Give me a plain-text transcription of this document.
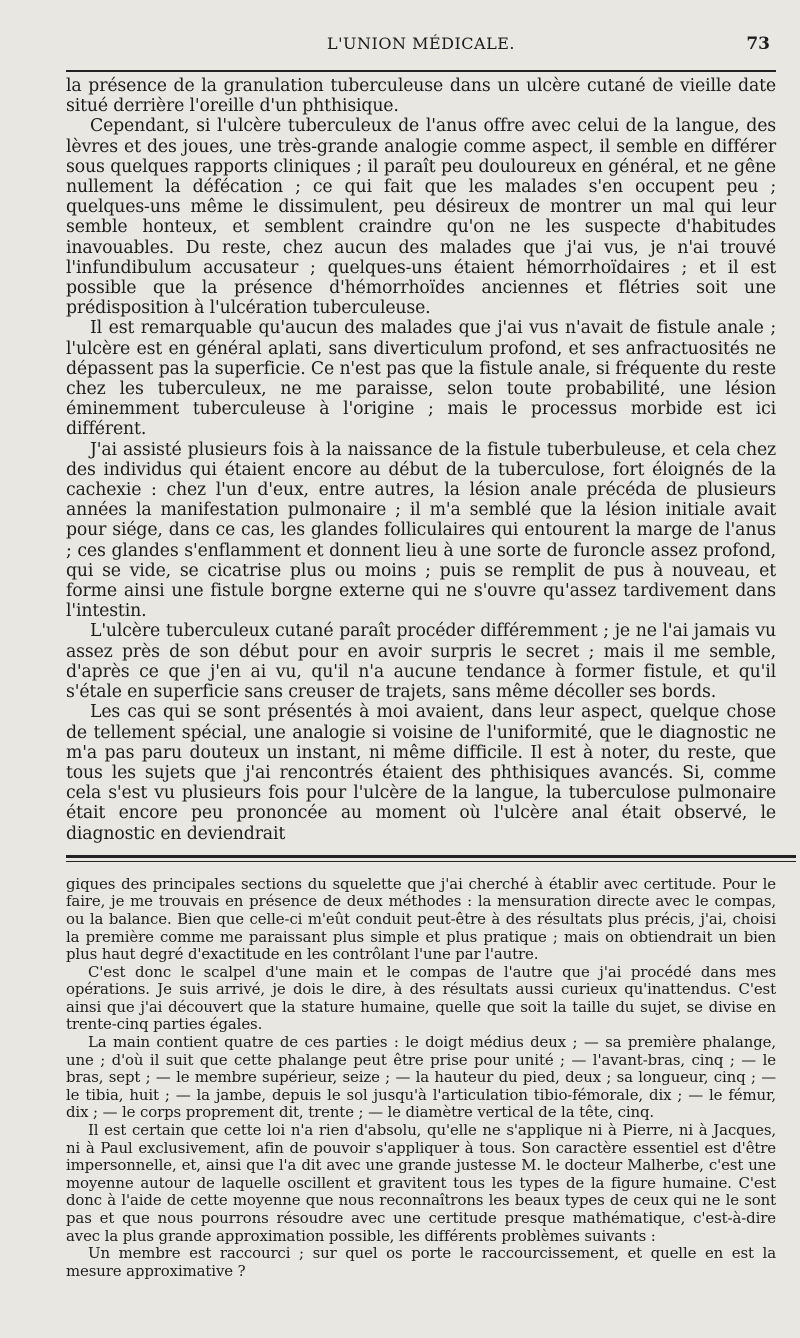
L'UNION MÉDICALE.	73

la présence de la granulation tuberculeuse dans un ulcère cutané de vieille date situé derrière l'oreille d'un phthisique.

Cependant, si l'ulcère tuberculeux de l'anus offre avec celui de la langue, des lèvres et des joues, une très-grande analogie comme aspect, il semble en différer sous quelques rapports cliniques ; il paraît peu douloureux en général, et ne gêne nullement la défécation ; ce qui fait que les malades s'en occupent peu ; quelques-uns même le dissimulent, peu désireux de montrer un mal qui leur semble honteux, et semblent craindre qu'on ne les suspecte d'habitudes inavouables. Du reste, chez aucun des malades que j'ai vus, je n'ai trouvé l'infundibulum accusateur ; quelques-uns étaient hémorrhoïdaires ; et il est possible que la présence d'hémorrhoïdes anciennes et flétries soit une prédisposition à l'ulcération tuberculeuse.

Il est remarquable qu'aucun des malades que j'ai vus n'avait de fistule anale ; l'ulcère est en général aplati, sans diverticulum profond, et ses anfractuosités ne dépassent pas la superficie. Ce n'est pas que la fistule anale, si fréquente du reste chez les tuberculeux, ne me paraisse, selon toute probabilité, une lésion éminemment tuberculeuse à l'origine ; mais le processus morbide est ici différent.

J'ai assisté plusieurs fois à la naissance de la fistule tuberbuleuse, et cela chez des individus qui étaient encore au début de la tuberculose, fort éloignés de la cachexie : chez l'un d'eux, entre autres, la lésion anale précéda de plusieurs années la manifestation pulmonaire ; il m'a semblé que la lésion initiale avait pour siége, dans ce cas, les glandes folliculaires qui entourent la marge de l'anus ; ces glandes s'enflamment et donnent lieu à une sorte de furoncle assez profond, qui se vide, se cicatrise plus ou moins ; puis se remplit de pus à nouveau, et forme ainsi une fistule borgne externe qui ne s'ouvre qu'assez tardivement dans l'intestin.

L'ulcère tuberculeux cutané paraît procéder différemment ; je ne l'ai jamais vu assez près de son début pour en avoir surpris le secret ; mais il me semble, d'après ce que j'en ai vu, qu'il n'a aucune tendance à former fistule, et qu'il s'étale en superficie sans creuser de trajets, sans même décoller ses bords.

Les cas qui se sont présentés à moi avaient, dans leur aspect, quelque chose de tellement spécial, une analogie si voisine de l'uniformité, que le diagnostic ne m'a pas paru douteux un instant, ni même difficile. Il est à noter, du reste, que tous les sujets que j'ai rencontrés étaient des phthisiques avancés. Si, comme cela s'est vu plusieurs fois pour l'ulcère de la langue, la tuberculose pulmonaire était encore peu prononcée au moment où l'ulcère anal était observé, le diagnostic en deviendrait

giques des principales sections du squelette que j'ai cherché à établir avec certitude. Pour le faire, je me trouvais en présence de deux méthodes : la mensuration directe avec le compas, ou la balance. Bien que celle-ci m'eût conduit peut-être à des résultats plus précis, j'ai, choisi la première comme me paraissant plus simple et plus pratique ; mais on obtiendrait un bien plus haut degré d'exactitude en les contrôlant l'une par l'autre.

C'est donc le scalpel d'une main et le compas de l'autre que j'ai procédé dans mes opérations. Je suis arrivé, je dois le dire, à des résultats aussi curieux qu'inattendus. C'est ainsi que j'ai découvert que la stature humaine, quelle que soit la taille du sujet, se divise en trente-cinq parties égales.

La main contient quatre de ces parties : le doigt médius deux ; — sa première phalange, une ; d'où il suit que cette phalange peut être prise pour unité ; — l'avant-bras, cinq ; — le bras, sept ; — le membre supérieur, seize ; — la hauteur du pied, deux ; sa longueur, cinq ; — le tibia, huit ; — la jambe, depuis le sol jusqu'à l'articulation tibio-fémorale, dix ; — le fémur, dix ; — le corps proprement dit, trente ; — le diamètre vertical de la tête, cinq.

Il est certain que cette loi n'a rien d'absolu, qu'elle ne s'applique ni à Pierre, ni à Jacques, ni à Paul exclusivement, afin de pouvoir s'appliquer à tous. Son caractère essentiel est d'être impersonnelle, et, ainsi que l'a dit avec une grande justesse M. le docteur Malherbe, c'est une moyenne autour de laquelle oscillent et gravitent tous les types de la figure humaine. C'est donc à l'aide de cette moyenne que nous reconnaîtrons les beaux types de ceux qui ne le sont pas et que nous pourrons résoudre avec une certitude presque mathématique, c'est-à-dire avec la plus grande approximation possible, les différents problèmes suivants :

Un membre est raccourci ; sur quel os porte le raccourcissement, et quelle en est la mesure approximative ?
